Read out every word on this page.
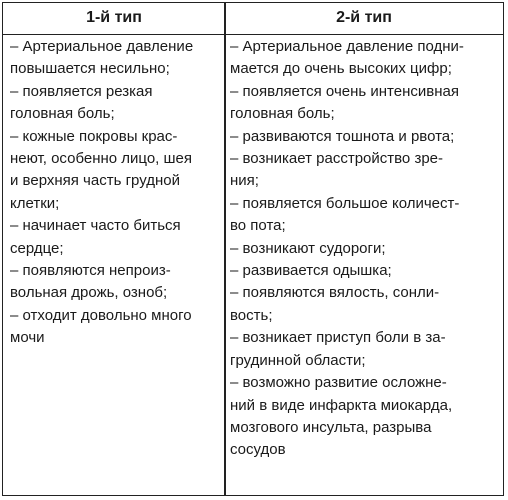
1-й тип	2-й тип

– Артериальное давление
повышается несильно;

– появляется резкая
головная боль;

– кожные покровы крас-
неют, особенно лицо, шея
и верхняя часть грудной
клетки;

– начинает часто биться
сердце;

– появляются непроиз-
вольная дрожь, озноб;

– отходит довольно много
мочи

– Артериальное давление подни-
мается до очень высоких цифр;

– появляется очень интенсивная
головная боль;

– развиваются тошнота и рвота;

– возникает расстройство зре-
ния;

– появляется большое количест-
во пота;

– возникают судороги;

– развивается одышка;

– появляются вялость, сонли-
вость;

– возникает приступ боли в за-
грудинной области;

– возможно развитие осложне-
ний в виде инфаркта миокарда,
мозгового инсульта, разрыва
сосудов
